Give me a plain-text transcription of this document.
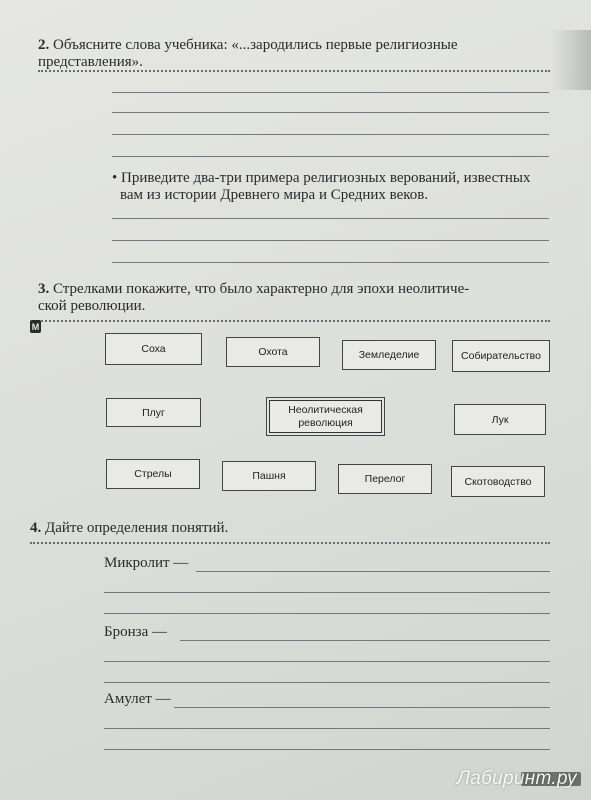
2. Объясните слова учебника: «...зародились первые религиозные
представления».
• Приведите два-три примера религиозных верований, известных
вам из истории Древнего мира и Средних веков.
3. Стрелками покажите, что было характерно для эпохи неолитиче-
ской революции.
M
Соха	Охота	Земледелие	Собирательство
Плуг	Неолитическая
революция	Лук
Стрелы	Пашня	Перелог	Скотоводство
4. Дайте определения понятий.
Микролит —
Бронза —
Амулет —
Лабиринт.ру
